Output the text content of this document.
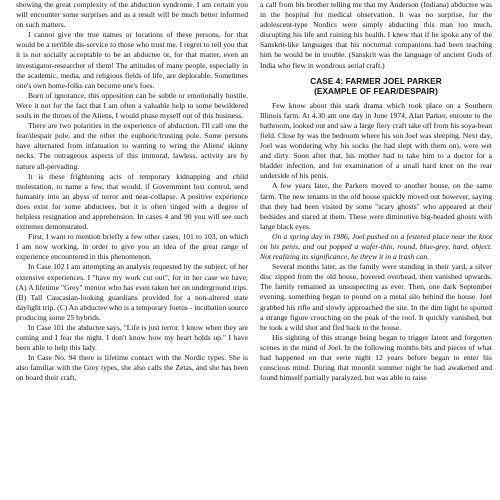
showing the great complexity of the abduction syndrome. I am certain you will encounter some surprises and as a result will be much better informed on such matters.

I cannot give the true names or locations of these persons, for that would be a terrible dis-service to those who trust me. I regret to tell you that it is not socially acceptable to be an abductee or, for that matter, even an investigator-researcher of them! The attitudes of many people, especially in the academic, media, and religious fields of life, are deplorable. Sometimes one's own home-folks can become one's foes.

Born of ignorance, this opposition can be subtle or emotionally hostile. Were it not for the fact that I am often a valuable help to some bewildered souls in the throes of the Aliens, I would phase myself out of this business.

There are two polarities in the experience of abduction. I'll call one the fear/despair pole, and the other the euphoric/trusting pole. Some persons have alternated from infatuation to wanting to wring the Aliens' skinny necks. The outrageous aspects of this immoral, lawless, activity are by nature all-pervading.

It is these frightening acts of temporary kidnapping and child molestation, to name a few, that would, if Government lost control, send humanity into an abyss of terror and near-collapse. A positive experience does exist for some abductees, but it is often tinged with a degree of helpless resignation and apprehension. In cases 4 and 90 you will see such extremes demonstrated.

First, I want to mention briefly a few other cases, 101 to 103, on which I am now working, in order to give you an idea of the great range of experience encountered in this phenomenon.

In Case 102 I am attempting an analysis requested by the subject, of her extensive experiences. I "have my work cut out", for in her case we have; (A) A lifetime "Grey" mentor who has even taken her on underground trips. (B) Tall Caucasian-looking guardians provided for a non-altered state daylight trip. (C) An abductee who is a temporary foetus - incubation source producing some 25 hybrids.

In Case 101 the abductee says, "Life is just terror. I know when they are coming and I fear the night. I don't know how my heart holds up." I have been able to help this lady.

In Case No. 94 there is lifetime contact with the Nordic types. She is also familiar with the Grey types, she also calls the Zetas, and she has been on board their craft,

a call from his brother telling me that my Anderson (Indiana) abductee was in the hospital for medical observation. It was no surprise, for the adolescent-type Nordics were simply abducting this man too much, disrupting his life and ruining his health. I knew that if he spoke any of the Sanskrit-like languages that his nocturnal companions had been teaching him he would be in trouble. (Sanskrit was the language of ancient Gods of India who flew in wondrous aerial craft.)

CASE 4: FARMER JOEL PARKER
(EXAMPLE OF FEAR/DESPAIR)

Few know about this stark drama which took place on a Southern Illinois farm. At 4.30 am one day in June 1974, Alan Parker, enroute to the bathroom, looked out and saw a large fiery craft take off from his soya-bean field. Close by was the bedroom where his son Joel was sleeping. Next day, Joel was wondering why his socks (he had slept with them on), were wet and dirty. Soon after that, his mother had to take him to a doctor for a bladder infection, and for examination of a small hard knot on the rear underside of his penis.

A few years later, the Parkers moved to another house, on the same farm. The new tenants in the old house quickly moved out however, saying that they had been visited by some "scary ghosts" who appeared at their bedsides and stared at them. These were diminutive big-headed ghosts with large black eyes.

On a spring day in 1986, Joel pushed on a festered place near the knot on his penis, and out popped a wafer-thin, round, blue-grey, hard, object. Not realizing its significance, he threw it in a trash can.

Several months later, as the family were standing in their yard, a silver disc zipped from the old house, hovered overhead, then vanished upwards. The family remained as unsuspecting as ever. Then, one dark September evening, something began to pound on a metal silo behind the house. Joel grabbed his rifle and slowly approached the site. In the dim light he spotted a strange figure crouching on the peak of the roof. It quickly vanished, but he took a wild shot and fled back to the house.

His sighting of this strange being began to trigger latent and forgotten scenes in the mind of Joel. In the following months bits and pieces of what had happened on that eerie night 12 years before began to enter his conscious mind. During that moonlit summer night he had awakened and found himself partially paralyzed, but was able to raise
